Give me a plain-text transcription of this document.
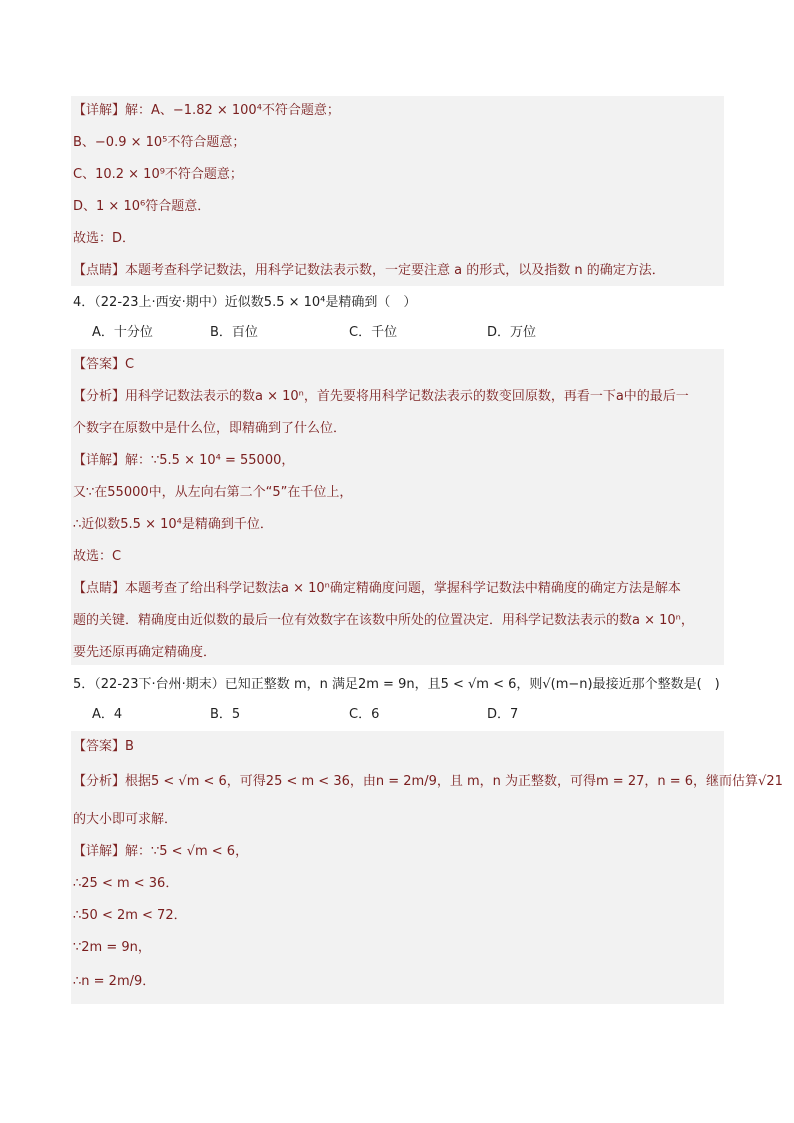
【详解】解：A、−1.82 × 100⁴不符合题意；
B、−0.9 × 10⁵不符合题意；
C、10.2 × 10⁹不符合题意；
D、1 × 10⁶符合题意．
故选：D．
【点睛】本题考查科学记数法，用科学记数法表示数，一定要注意 a 的形式，以及指数 n 的确定方法．
4．（22-23上·西安·期中）近似数5.5 × 10⁴是精确到（　）
A．十分位	B．百位	C．千位	D．万位
【答案】C
【分析】用科学记数法表示的数a × 10ⁿ，首先要将用科学记数法表示的数变回原数，再看一下a中的最后一
个数字在原数中是什么位，即精确到了什么位．
【详解】解：∵5.5 × 10⁴ = 55000，
又∵在55000中，从左向右第二个“5”在千位上，
∴近似数5.5 × 10⁴是精确到千位．
故选：C
【点睛】本题考查了给出科学记数法a × 10ⁿ确定精确度问题，掌握科学记数法中精确度的确定方法是解本
题的关键．精确度由近似数的最后一位有效数字在该数中所处的位置决定．用科学记数法表示的数a × 10ⁿ，
要先还原再确定精确度．
5．（22-23下·台州·期末）已知正整数 m，n 满足2m = 9n，且5 < √m < 6，则√(m−n)最接近那个整数是(　)
A．4	B．5	C．6	D．7
【答案】B
【分析】根据5 < √m < 6，可得25 < m < 36，由n = 2m/9，且 m，n 为正整数，可得m = 27，n = 6，继而估算√21
的大小即可求解．
【详解】解：∵5 < √m < 6，
∴25 < m < 36．
∴50 < 2m < 72．
∵2m = 9n，
∴n = 2m/9．
